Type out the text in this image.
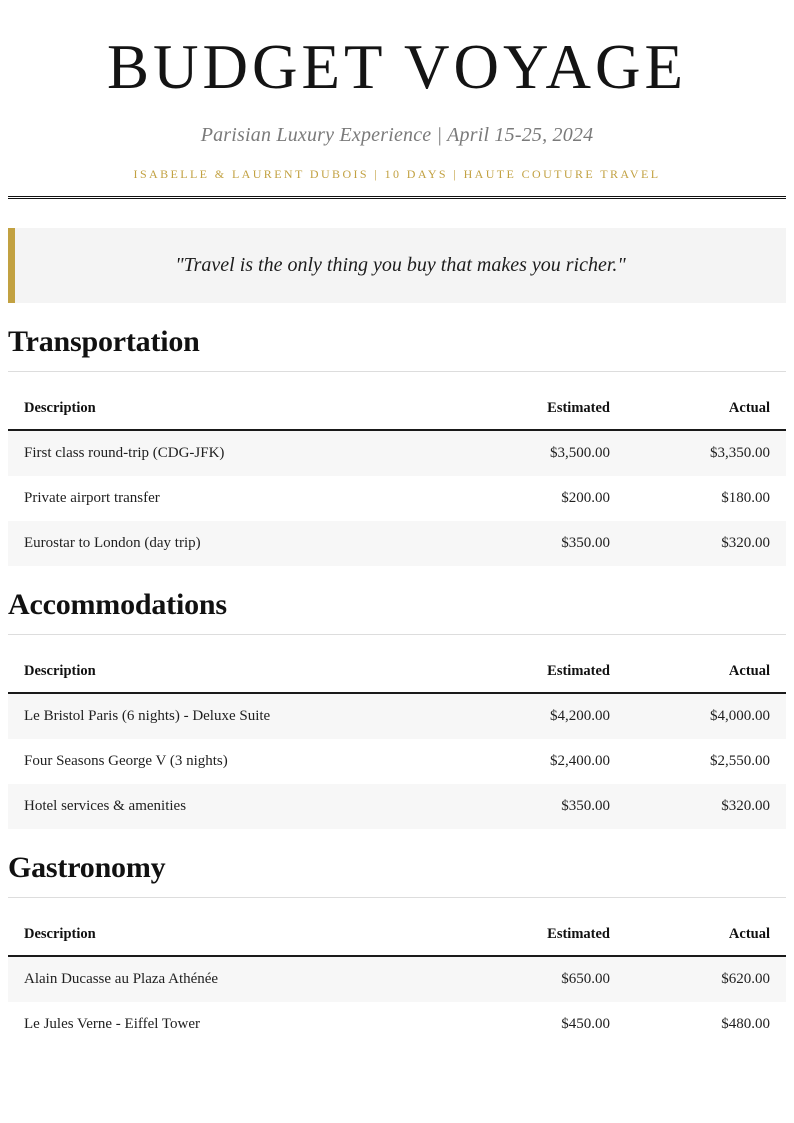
BUDGET VOYAGE

Parisian Luxury Experience | April 15-25, 2024

ISABELLE & LAURENT DUBOIS | 10 DAYS | HAUTE COUTURE TRAVEL

"Travel is the only thing you buy that makes you richer."

Transportation
Description	Estimated	Actual
First class round-trip (CDG-JFK)	$3,500.00	$3,350.00
Private airport transfer	$200.00	$180.00
Eurostar to London (day trip)	$350.00	$320.00
Accommodations
Description	Estimated	Actual
Le Bristol Paris (6 nights) - Deluxe Suite	$4,200.00	$4,000.00
Four Seasons George V (3 nights)	$2,400.00	$2,550.00
Hotel services & amenities	$350.00	$320.00
Gastronomy
Description	Estimated	Actual
Alain Ducasse au Plaza Athénée	$650.00	$620.00
Le Jules Verne - Eiffel Tower	$450.00	$480.00
